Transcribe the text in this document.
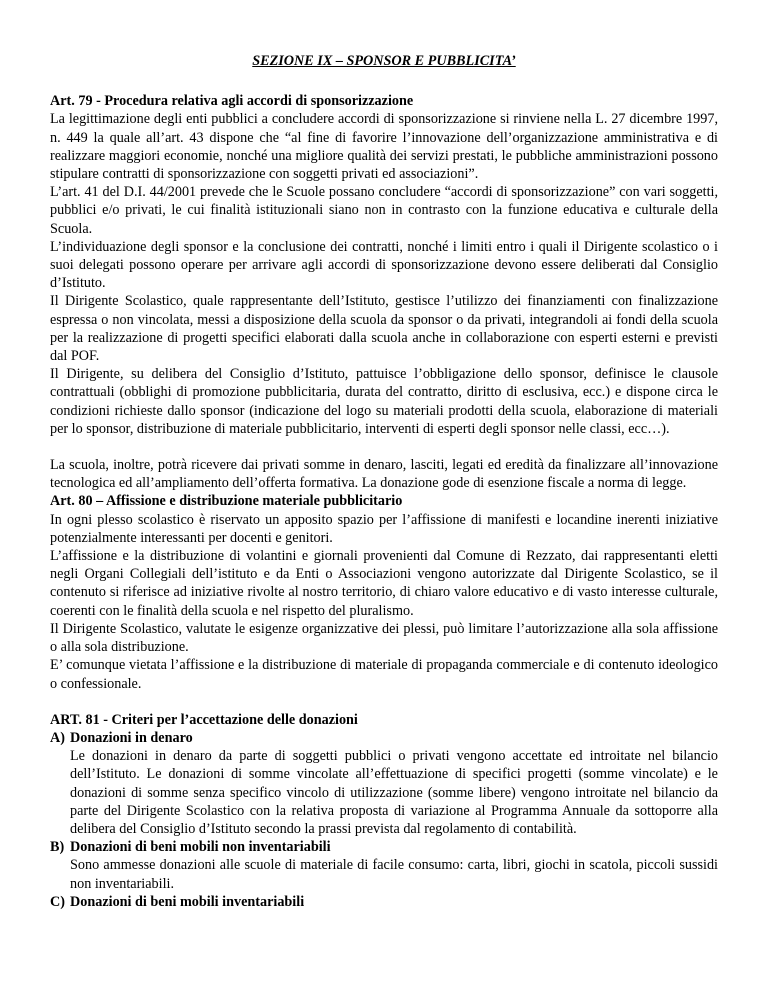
SEZIONE IX – SPONSOR E PUBBLICITA’
Art. 79 - Procedura relativa agli accordi di sponsorizzazione

La legittimazione degli enti pubblici a concludere accordi di sponsorizzazione si rinviene nella L. 27 dicembre 1997, n. 449 la quale all’art. 43 dispone che “al fine di favorire l’innovazione dell’organizzazione amministrativa e di realizzare maggiori economie, nonché una migliore qualità dei servizi prestati, le pubbliche amministrazioni possono stipulare contratti di sponsorizzazione con soggetti privati ed associazioni”.

L’art. 41 del D.I. 44/2001 prevede che le Scuole possano concludere “accordi di sponsorizzazione” con vari soggetti, pubblici e/o privati, le cui finalità istituzionali siano non in contrasto con la funzione educativa e culturale della Scuola.

L’individuazione degli sponsor e la conclusione dei contratti, nonché i limiti entro i quali il Dirigente scolastico o i suoi delegati possono operare per arrivare agli accordi di sponsorizzazione devono essere deliberati dal Consiglio d’Istituto.

Il Dirigente Scolastico, quale rappresentante dell’Istituto, gestisce l’utilizzo dei finanziamenti con finalizzazione espressa o non vincolata, messi a disposizione della scuola da sponsor o da privati, integrandoli ai fondi della scuola per la realizzazione di progetti specifici elaborati dalla scuola anche in collaborazione con esperti esterni e previsti dal POF.

Il Dirigente, su delibera del Consiglio d’Istituto, pattuisce l’obbligazione dello sponsor, definisce le clausole contrattuali (obblighi di promozione pubblicitaria, durata del contratto, diritto di esclusiva, ecc.) e dispone circa le condizioni richieste dallo sponsor (indicazione del logo su materiali prodotti della scuola, elaborazione di materiali per lo sponsor, distribuzione di materiale pubblicitario, interventi di esperti degli sponsor nelle classi, ecc…).

La scuola, inoltre, potrà ricevere dai privati somme in denaro, lasciti, legati ed eredità da finalizzare all’innovazione tecnologica ed all’ampliamento dell’offerta formativa. La donazione gode di esenzione fiscale a norma di legge.

Art. 80 – Affissione e distribuzione materiale pubblicitario

In ogni plesso scolastico è riservato un apposito spazio per l’affissione di manifesti e locandine inerenti iniziative potenzialmente interessanti per docenti e genitori.

L’affissione e la distribuzione di volantini e giornali provenienti dal Comune di Rezzato, dai rappresentanti eletti negli Organi Collegiali dell’istituto e da Enti o Associazioni vengono autorizzate dal Dirigente Scolastico, se il contenuto si riferisce ad iniziative rivolte al nostro territorio, di chiaro valore educativo e di vasto interesse culturale, coerenti con le finalità della scuola e nel rispetto del pluralismo.

Il Dirigente Scolastico, valutate le esigenze organizzative dei plessi, può limitare l’autorizzazione alla sola affissione o alla sola distribuzione.

E’ comunque vietata l’affissione e la distribuzione di materiale di propaganda commerciale e di contenuto ideologico o confessionale.

ART. 81 - Criteri per l’accettazione delle donazioni
A) Donazioni in denaro

Le donazioni in denaro da parte di soggetti pubblici o privati vengono accettate ed introitate nel bilancio dell’Istituto. Le donazioni di somme vincolate all’effettuazione di specifici progetti (somme vincolate) e le donazioni di somme senza specifico vincolo di utilizzazione (somme libere) vengono introitate nel bilancio da parte del Dirigente Scolastico con la relativa proposta di variazione al Programma Annuale da sottoporre alla delibera del Consiglio d’Istituto secondo la prassi prevista dal regolamento di contabilità.

B) Donazioni di beni mobili non inventariabili

Sono ammesse donazioni alle scuole di materiale di facile consumo: carta, libri, giochi in scatola, piccoli sussidi non inventariabili.

C) Donazioni di beni mobili inventariabili
